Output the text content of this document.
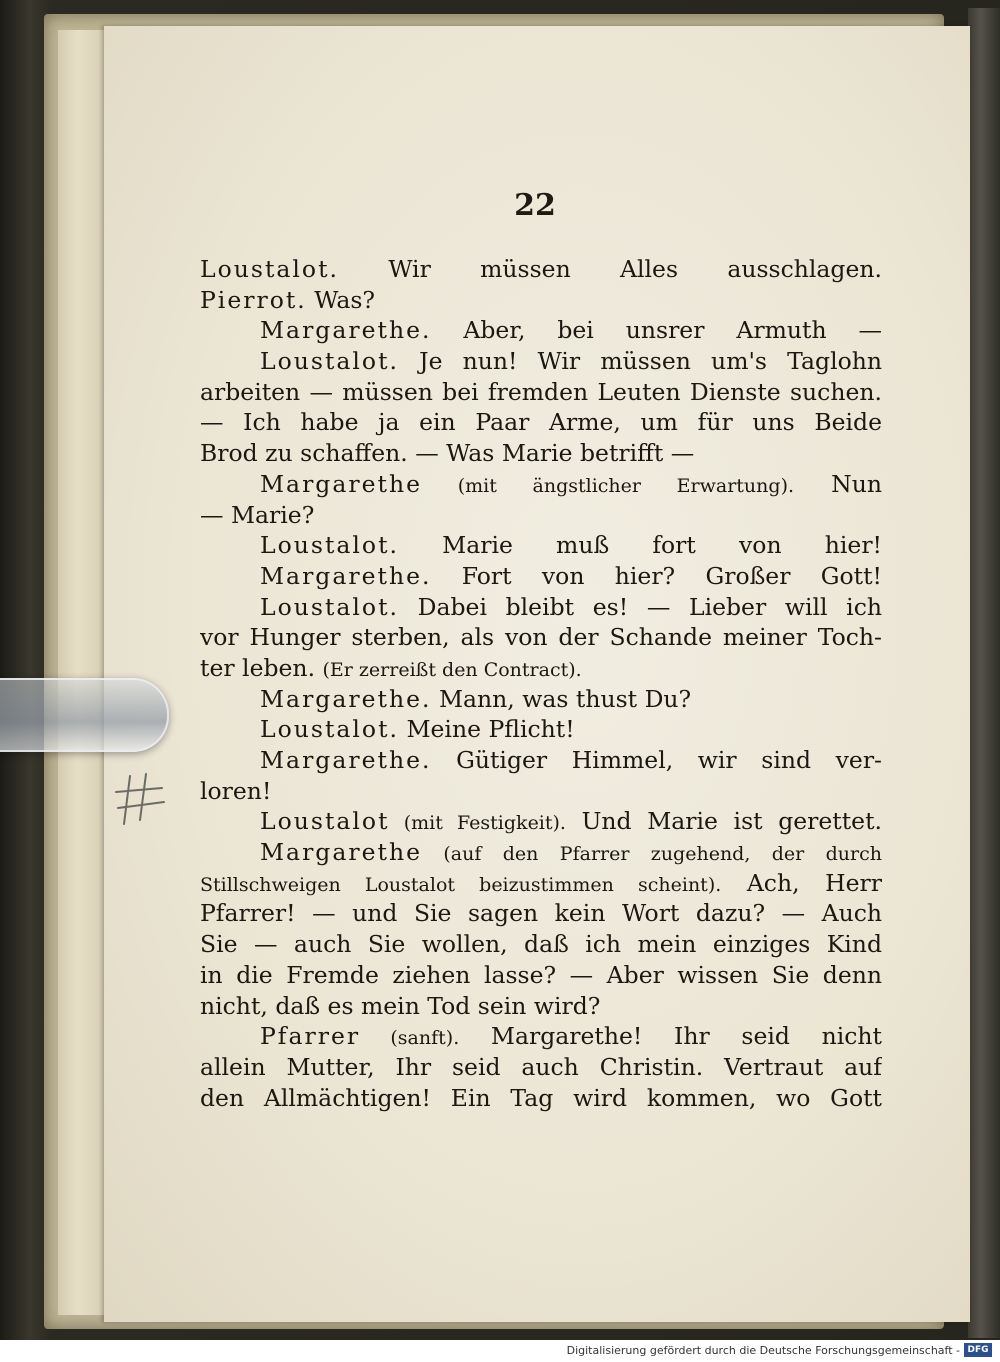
22
Loustalot. Wir müssen Alles ausschlagen.
Pierrot. Was?
Margarethe. Aber, bei unsrer Armuth —
Loustalot. Je nun! Wir müssen um's Taglohn
arbeiten — müssen bei fremden Leuten Dienste suchen.
— Ich habe ja ein Paar Arme, um für uns Beide
Brod zu schaffen. — Was Marie betrifft —
Margarethe (mit ängstlicher Erwartung). Nun
— Marie?
Loustalot. Marie muß fort von hier!
Margarethe. Fort von hier? Großer Gott!
Loustalot. Dabei bleibt es! — Lieber will ich
vor Hunger sterben, als von der Schande meiner Toch-
ter leben. (Er zerreißt den Contract).
Margarethe. Mann, was thust Du?
Loustalot. Meine Pflicht!
Margarethe. Gütiger Himmel, wir sind ver-
loren!
Loustalot (mit Festigkeit). Und Marie ist gerettet.
Margarethe (auf den Pfarrer zugehend, der durch
Stillschweigen Loustalot beizustimmen scheint). Ach, Herr
Pfarrer! — und Sie sagen kein Wort dazu? — Auch
Sie — auch Sie wollen, daß ich mein einziges Kind
in die Fremde ziehen lasse? — Aber wissen Sie denn
nicht, daß es mein Tod sein wird?
Pfarrer (sanft). Margarethe! Ihr seid nicht
allein Mutter, Ihr seid auch Christin. Vertraut auf
den Allmächtigen! Ein Tag wird kommen, wo Gott
Digitalisierung gefördert durch die Deutsche Forschungsgemeinschaft - DFG
